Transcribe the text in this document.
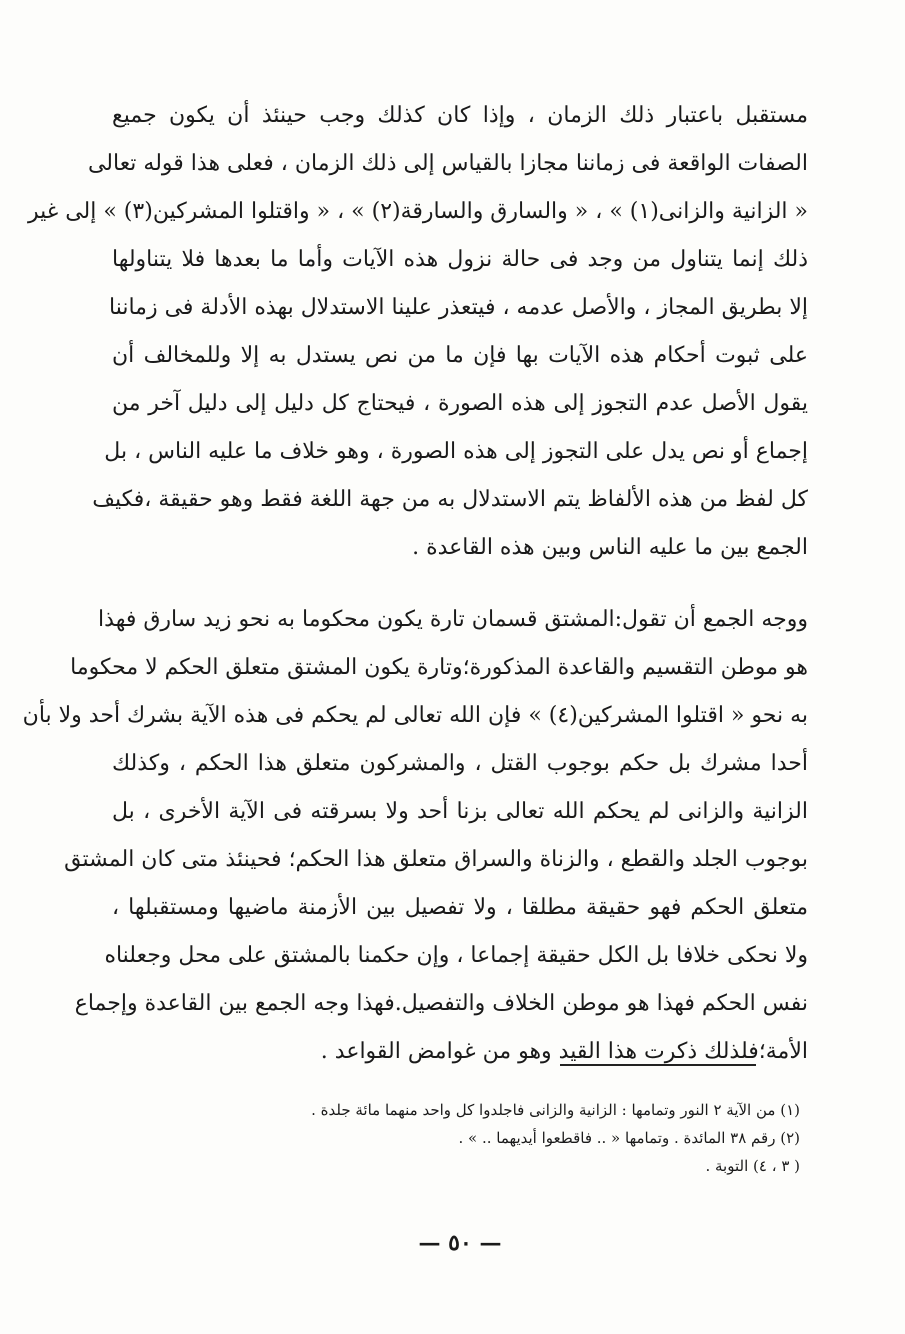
مستقبل باعتبار ذلك الزمان ، وإذا كان كذلك وجب حينئذ أن يكون جميع
الصفات الواقعة فى زماننا مجازا بالقياس إلى ذلك الزمان ، فعلى هذا قوله تعالى
« الزانية والزانى(١) » ، « والسارق والسارقة(٢) » ، « واقتلوا المشركين(٣) » إلى غير
ذلك إنما يتناول من وجد فى حالة نزول هذه الآيات وأما ما بعدها فلا يتناولها
إلا بطريق المجاز ، والأصل عدمه ، فيتعذر علينا الاستدلال بهذه الأدلة فى زماننا
على ثبوت أحكام هذه الآيات بها فإن ما من نص يستدل به إلا وللمخالف أن
يقول الأصل عدم التجوز إلى هذه الصورة ، فيحتاج كل دليل إلى دليل آخر من
إجماع أو نص يدل على التجوز إلى هذه الصورة ، وهو خلاف ما عليه الناس ، بل
كل لفظ من هذه الألفاظ يتم الاستدلال به من جهة اللغة فقط وهو حقيقة ،فكيف
الجمع بين ما عليه الناس وبين هذه القاعدة .
ووجه الجمع أن تقول:المشتق قسمان تارة يكون محكوما به نحو زيد سارق فهذا
هو موطن التقسيم والقاعدة المذكورة؛وتارة يكون المشتق متعلق الحكم لا محكوما
به نحو « اقتلوا المشركين(٤) » فإن الله تعالى لم يحكم فى هذه الآية بشرك أحد ولا بأن
أحدا مشرك بل حكم بوجوب القتل ، والمشركون متعلق هذا الحكم ، وكذلك
الزانية والزانى لم يحكم الله تعالى بزنا أحد ولا بسرقته فى الآية الأخرى ، بل
بوجوب الجلد والقطع ، والزناة والسراق متعلق هذا الحكم؛ فحينئذ متى كان المشتق
متعلق الحكم فهو حقيقة مطلقا ، ولا تفصيل بين الأزمنة ماضيها ومستقبلها ،
ولا نحكى خلافا بل الكل حقيقة إجماعا ، وإن حكمنا بالمشتق على محل وجعلناه
نفس الحكم فهذا هو موطن الخلاف والتفصيل.فهذا وجه الجمع بين القاعدة وإجماع
الأمة؛فلذلك ذكرت هذا القيد وهو من غوامض القواعد .
(١) من الآية ٢ النور وتمامها : الزانية والزانى فاجلدوا كل واحد منهما مائة جلدة .
(٢) رقم ٣٨ المائدة . وتمامها « .. فاقطعوا أيديهما .. » .
( ٣ ، ٤) التوبة .
— ٥٠ —
